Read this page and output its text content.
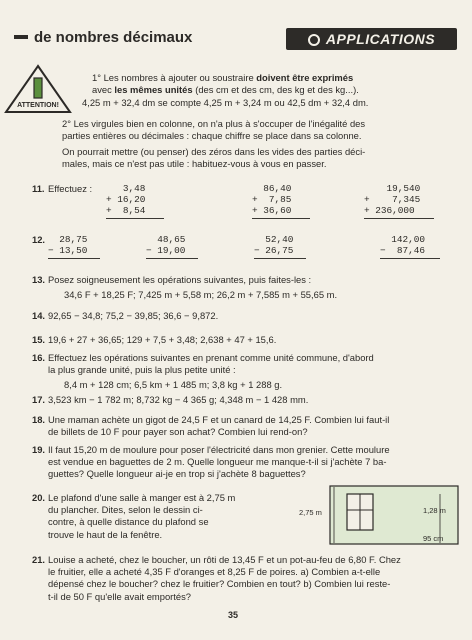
de nombres décimaux	APPLICATIONS
ATTENTION!
1° Les nombres à ajouter ou soustraire doivent être exprimés
avec les mêmes unités (des cm et des cm, des kg et des kg...).
4,25 m + 32,4 dm se compte 4,25 m + 3,24 m ou 42,5 dm + 32,4 dm.
2° Les virgules bien en colonne, on n'a plus à s'occuper de l'inégalité des
parties entières ou décimales : chaque chiffre se place dans sa colonne.
On pourrait mettre (ou penser) des zéros dans les vides des parties déci-
males, mais ce n'est pas utile : habituez-vous à vous en passer.
11. Effectuez : 3,48
+ 16,20
+  8,54
86,40
+  7,85
+ 36,60
19,540
+    7,345
+ 236,000
12. 28,75
− 13,50
48,65
− 19,00
52,40
− 26,75
142,00
−  87,46
13. Posez soigneusement les opérations suivantes, puis faites-les :
34,6 F + 18,25 F; 7,425 m + 5,58 m; 26,2 m + 7,585 m + 55,65 m.
14. 92,65 − 34,8; 75,2 − 39,85; 36,6 − 9,872.
15. 19,6 + 27 + 36,65; 129 + 7,5 + 3,48; 2,638 + 47 + 15,6.
16. Effectuez les opérations suivantes en prenant comme unité commune, d'abord
la plus grande unité, puis la plus petite unité :
8,4 m + 128 cm; 6,5 km + 1 485 m; 3,8 kg + 1 288 g.
17. 3,523 km − 1 782 m; 8,732 kg − 4 365 g; 4,348 m − 1 428 mm.
18. Une maman achète un gigot de 24,5 F et un canard de 14,25 F. Combien lui faut-il
de billets de 10 F pour payer son achat? Combien lui rend-on?
19. Il faut 15,20 m de moulure pour poser l'électricité dans mon grenier. Cette moulure
est vendue en baguettes de 2 m. Quelle longueur me manque-t-il si j'achète 7 ba-
guettes? Quelle longueur ai-je en trop si j'achète 8 baguettes?
20. Le plafond d'une salle à manger est à 2,75 m
du plancher. Dites, selon le dessin ci-
contre, à quelle distance du plafond se
trouve le haut de la fenêtre.
2,75 m	1,28 m
95 cm
21. Louise a acheté, chez le boucher, un rôti de 13,45 F et un pot-au-feu de 6,80 F. Chez
le fruitier, elle a acheté 4,35 F d'oranges et 8,25 F de poires. a) Combien a-t-elle
dépensé chez le boucher? chez le fruitier? Combien en tout? b) Combien lui reste-
t-il de 50 F qu'elle avait emportés?
35
